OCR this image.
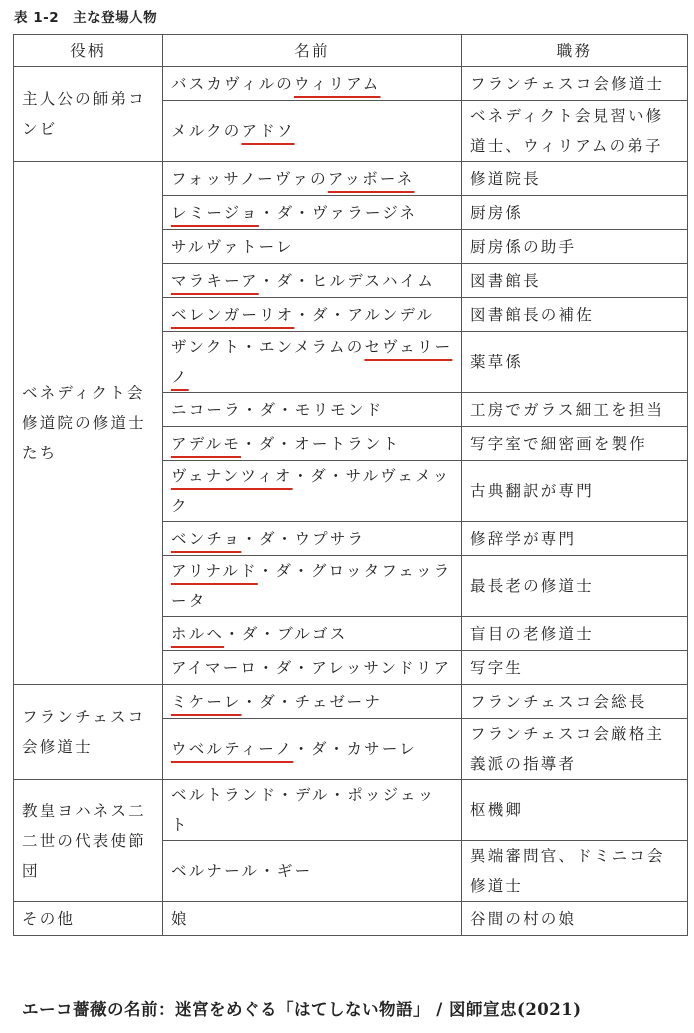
表 1-2　主な登場人物
役柄	名前	職務
主人公の師弟コンビ	バスカヴィルのウィリアム	フランチェスコ会修道士
	メルクのアドソ	ベネディクト会見習い修道士、ウィリアムの弟子
ベネディクト会修道院の修道士たち	フォッサノーヴァのアッボーネ	修道院長
	レミージョ・ダ・ヴァラージネ	厨房係
	サルヴァトーレ	厨房係の助手
	マラキーア・ダ・ヒルデスハイム	図書館長
	ベレンガーリオ・ダ・アルンデル	図書館長の補佐
	ザンクト・エンメラムのセヴェリーノ	薬草係
	ニコーラ・ダ・モリモンド	工房でガラス細工を担当
	アデルモ・ダ・オートラント	写字室で細密画を製作
	ヴェナンツィオ・ダ・サルヴェメック	古典翻訳が専門
	ベンチョ・ダ・ウプサラ	修辞学が専門
	アリナルド・ダ・グロッタフェッラータ	最長老の修道士
	ホルヘ・ダ・ブルゴス	盲目の老修道士
	アイマーロ・ダ・アレッサンドリア	写字生
フランチェスコ会修道士	ミケーレ・ダ・チェゼーナ	フランチェスコ会総長
	ウベルティーノ・ダ・カサーレ	フランチェスコ会厳格主義派の指導者
教皇ヨハネス二二世の代表使節団	ベルトランド・デル・ポッジェット	枢機卿
	ベルナール・ギー	異端審問官、ドミニコ会修道士
その他	娘	谷間の村の娘
エーコ薔薇の名前：迷宮をめぐる「はてしない物語」 / 図師宣忠(2021)
